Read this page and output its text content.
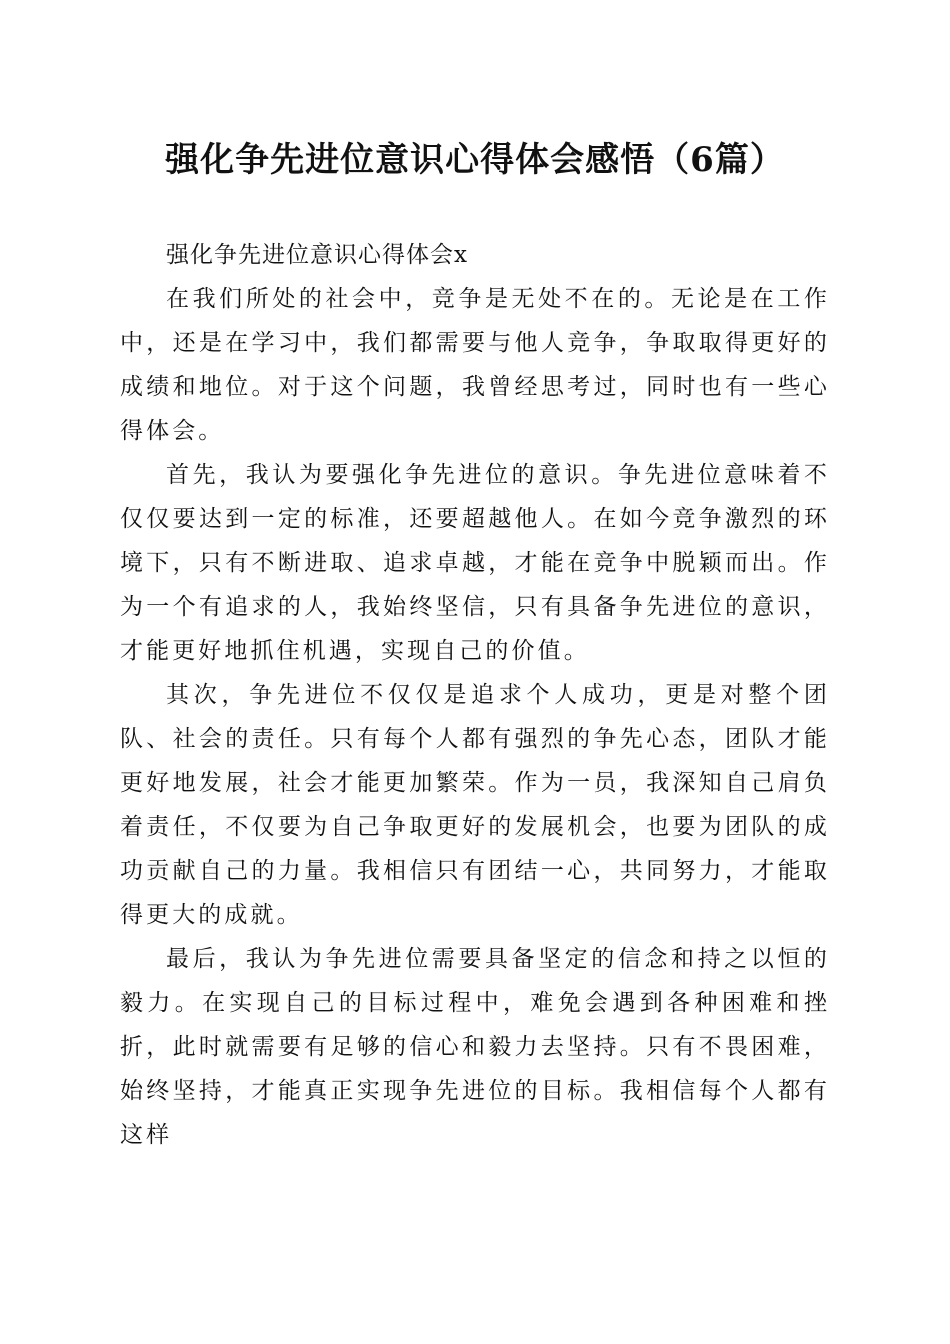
强化争先进位意识心得体会感悟（6篇）

强化争先进位意识心得体会x

在我们所处的社会中，竞争是无处不在的。无论是在工作中，还是在学习中，我们都需要与他人竞争，争取取得更好的成绩和地位。对于这个问题，我曾经思考过，同时也有一些心得体会。

首先，我认为要强化争先进位的意识。争先进位意味着不仅仅要达到一定的标准，还要超越他人。在如今竞争激烈的环境下，只有不断进取、追求卓越，才能在竞争中脱颖而出。作为一个有追求的人，我始终坚信，只有具备争先进位的意识，才能更好地抓住机遇，实现自己的价值。

其次，争先进位不仅仅是追求个人成功，更是对整个团队、社会的责任。只有每个人都有强烈的争先心态，团队才能更好地发展，社会才能更加繁荣。作为一员，我深知自己肩负着责任，不仅要为自己争取更好的发展机会，也要为团队的成功贡献自己的力量。我相信只有团结一心，共同努力，才能取得更大的成就。

最后，我认为争先进位需要具备坚定的信念和持之以恒的毅力。在实现自己的目标过程中，难免会遇到各种困难和挫折，此时就需要有足够的信心和毅力去坚持。只有不畏困难，始终坚持，才能真正实现争先进位的目标。我相信每个人都有这样
